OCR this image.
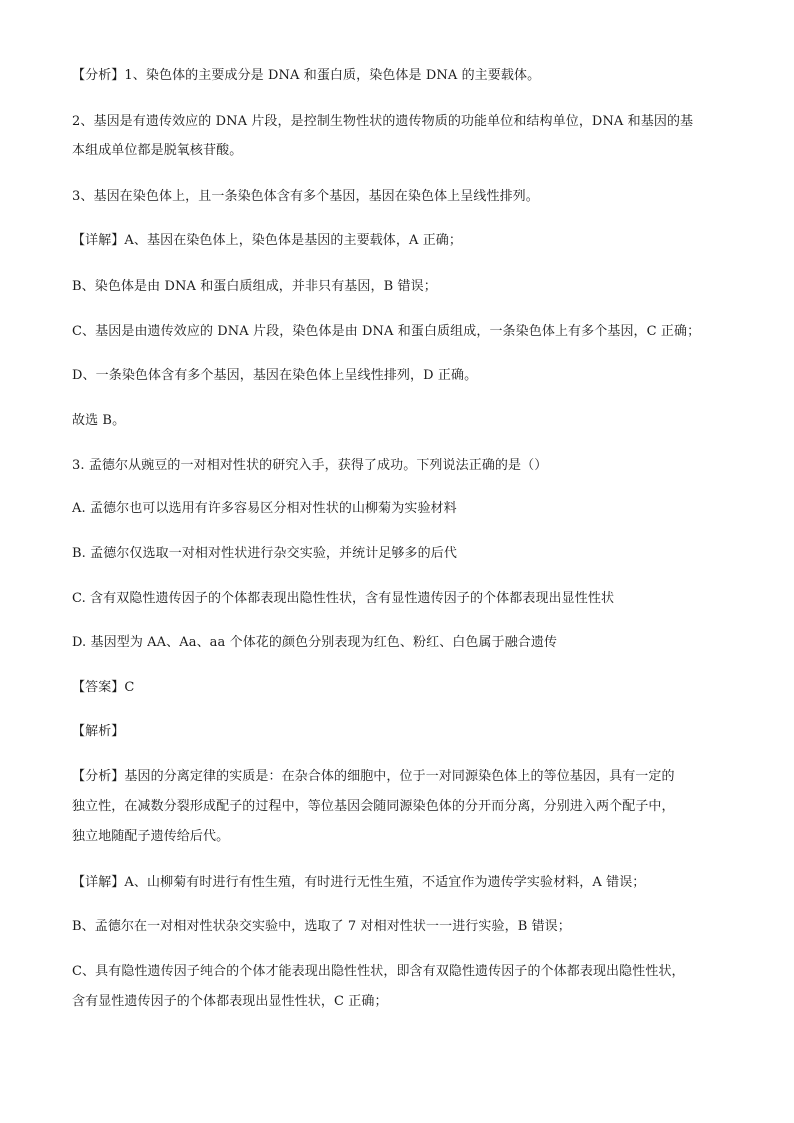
【分析】1、染色体的主要成分是 DNA 和蛋白质，染色体是 DNA 的主要载体。
2、基因是有遗传效应的 DNA 片段，是控制生物性状的遗传物质的功能单位和结构单位，DNA 和基因的基
本组成单位都是脱氧核苷酸。
3、基因在染色体上，且一条染色体含有多个基因，基因在染色体上呈线性排列。
【详解】A、基因在染色体上，染色体是基因的主要载体，A 正确；
B、染色体是由 DNA 和蛋白质组成，并非只有基因，B 错误；
C、基因是由遗传效应的 DNA 片段，染色体是由 DNA 和蛋白质组成，一条染色体上有多个基因，C 正确；
D、一条染色体含有多个基因，基因在染色体上呈线性排列，D 正确。
故选 B。
3. 孟德尔从豌豆的一对相对性状的研究入手，获得了成功。下列说法正确的是（）
A. 孟德尔也可以选用有许多容易区分相对性状的山柳菊为实验材料
B. 孟德尔仅选取一对相对性状进行杂交实验，并统计足够多的后代
C. 含有双隐性遗传因子的个体都表现出隐性性状，含有显性遗传因子的个体都表现出显性性状
D. 基因型为 AA、Aa、aa 个体花的颜色分别表现为红色、粉红、白色属于融合遗传
【答案】C
【解析】
【分析】基因的分离定律的实质是：在杂合体的细胞中，位于一对同源染色体上的等位基因，具有一定的
独立性，在减数分裂形成配子的过程中，等位基因会随同源染色体的分开而分离，分别进入两个配子中，
独立地随配子遗传给后代。
【详解】A、山柳菊有时进行有性生殖，有时进行无性生殖，不适宜作为遗传学实验材料，A 错误；
B、孟德尔在一对相对性状杂交实验中，选取了 7 对相对性状一一进行实验，B 错误；
C、具有隐性遗传因子纯合的个体才能表现出隐性性状，即含有双隐性遗传因子的个体都表现出隐性性状，
含有显性遗传因子的个体都表现出显性性状，C 正确；
